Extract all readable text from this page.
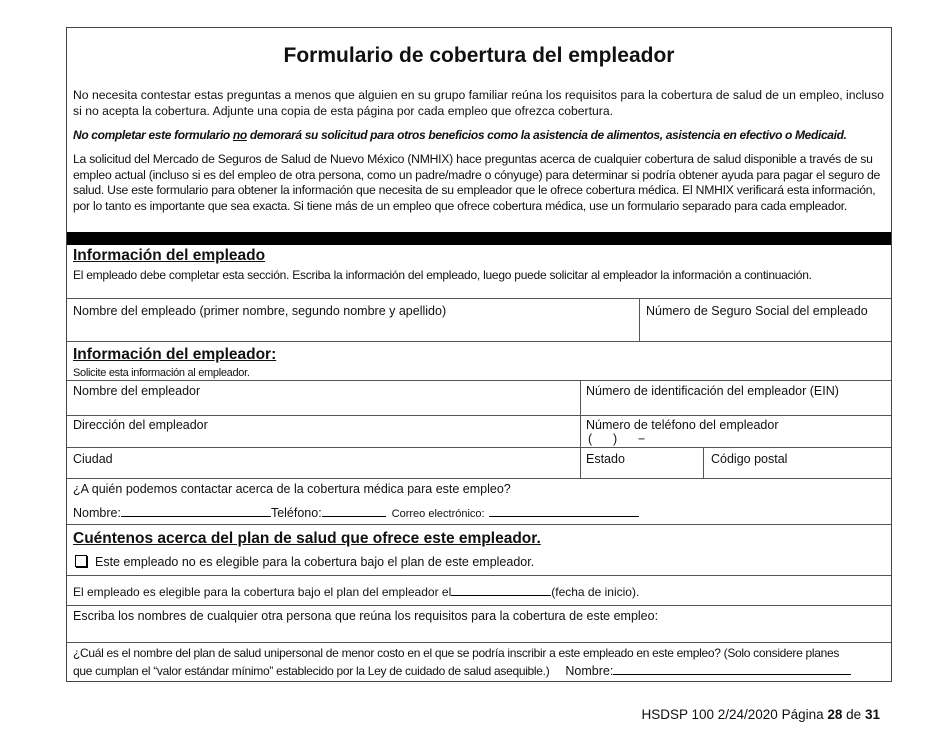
Formulario de cobertura del empleador
No necesita contestar estas preguntas a menos que alguien en su grupo familiar reúna los requisitos para la cobertura de salud de un empleo, incluso si no acepta la cobertura. Adjunte una copia de esta página por cada empleo que ofrezca cobertura.
No completar este formulario no demorará su solicitud para otros beneficios como la asistencia de alimentos, asistencia en efectivo o Medicaid.
La solicitud del Mercado de Seguros de Salud de Nuevo México (NMHIX) hace preguntas acerca de cualquier cobertura de salud disponible a través de su empleo actual (incluso si es del empleo de otra persona, como un padre/madre o cónyuge) para determinar si podría obtener ayuda para pagar el seguro de salud. Use este formulario para obtener la información que necesita de su empleador que le ofrece cobertura médica. El NMHIX verificará esta información, por lo tanto es importante que sea exacta. Si tiene más de un empleo que ofrece cobertura médica, use un formulario separado para cada empleador.
Información del empleado
El empleado debe completar esta sección. Escriba la información del empleado, luego puede solicitar al empleador la información a continuación.
Nombre del empleado (primer nombre, segundo nombre y apellido)	Número de Seguro Social del empleado
Información del empleador:
Solicite esta información al empleador.
Nombre del empleador	Número de identificación del empleador (EIN)
Dirección del empleador	Número de teléfono del empleador
(      )      −
Ciudad	Estado	Código postal
¿A quién podemos contactar acerca de la cobertura médica para este empleo?
Nombre:	Teléfono:	Correo electrónico:
Cuéntenos acerca del plan de salud que ofrece este empleador.
Este empleado no es elegible para la cobertura bajo el plan de este empleador.
El empleado es elegible para la cobertura bajo el plan del empleador el	(fecha de inicio).
Escriba los nombres de cualquier otra persona que reúna los requisitos para la cobertura de este empleo:
¿Cuál es el nombre del plan de salud unipersonal de menor costo en el que se podría inscribir a este empleado en este empleo? (Solo considere planes
que cumplan el “valor estándar mínimo” establecido por la Ley de cuidado de salud asequible.) Nombre:
HSDSP 100 2/24/2020 Página 28 de 31
